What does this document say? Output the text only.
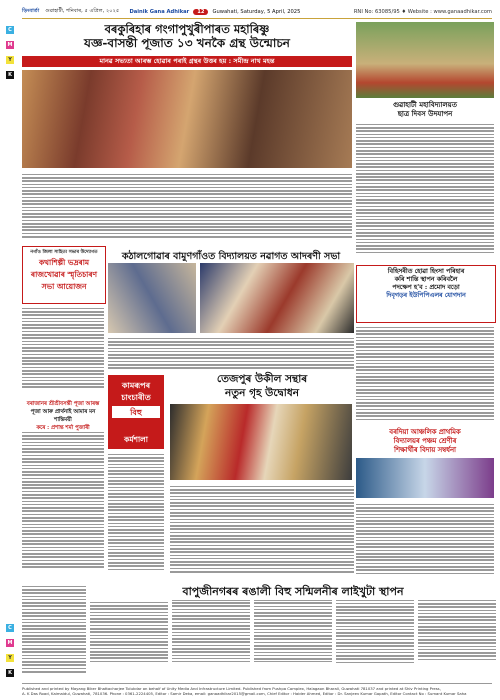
C
M
Y
K
C
M
Y
K
ড়িংবাৰ্তা গুৱাহাটী, শনিবাৰ, ৫ এপ্ৰিল, ২০২৫ Dainik Gana Adhikar	12	Guwahati, Saturday, 5 April, 2025	RNI No: 63085/95 ♦ Website : www.ganaadhikar.com
বৰকুৰিহাৰ গংগাপুখুৰীপাৰত মহাৰিষ্ণু
যজ্ঞ-বাসন্তী পূজাত ১৩ খনকৈ গ্ৰন্থ উন্মোচন
মানৱ সভ্যতা আৰম্ভ হোৱাৰ পৰাই গ্ৰন্থৰ উত্তৰ হয় : সমীন্দ্ৰ নাথ মহন্ত
গুৱাহাটী মহাবিদ্যালয়ত
ছাত্ৰ দিবস উদযাপন
বিহিসৰীত হোৱা হিংসা পৰিহাৰ
কৰি শান্তি স্থাপন কৰিবলৈ
পদক্ষেপ হ'ব : প্ৰমোদ বড়ো
দিবৃগড়ৰ ইউপিপিএলৰ যোগদান
নগাঁও জিলা সাহিত্য সভাৰ উদ্যোগত
কথাশিল্পী ভদ্ৰৰাম
ৰাজখোৱাৰ স্মৃতিচাৰণ
সভা আয়োজন
বৰাজানৰ শ্ৰীশ্ৰীবসন্তী পূজা আৰম্ভ
পূজা আৰু প্ৰাৰ্থনাই আমাৰ মন শান্তিময়ী
কৰে : প্ৰশান্ত শৰ্মা পুজাৰী
কঠালগোৱাৰ বামুণগাঁওত বিদ্যালয়ত নৱাগত আদৰণী সভা
কামৰূপৰ
চাংচাৰীত
বিহু
কৰ্মশালা
তেজপুৰ উকীল সন্থাৰ
নতুন গৃহ উদ্বোধন
বৰদিয়া আঞ্চলিক প্ৰাথমিক
বিদ্যালয়ৰ পঞ্চম শ্ৰেণীৰ
শিক্ষাৰ্থীৰ বিদায় সম্বৰ্ধনা
বাপুজীনগৰৰ ৰঙালী বিহু সন্মিলনীৰ লাইখুটা স্থাপন
Published and printed by Mayang Biker Bhattacharjee Tolukdar on behalf of Unity Media And Infrastructure Limited. Published from Pushpa Complex, Halagaon Bharali, Guwahati 781037 and printed at Shiv Printing Press,
A. K Das Road, Kaimaidul, Guwahati, 781036. Phone : 0361-2224405, Editor : Samir Deka, email: ganaadhikar2015@gmail.com, Chief Editor : Haider Ahmed, Editor : Dr. Sanjeev Kumar Gopath, Editor Contact No : Sumant Kumar Saha
